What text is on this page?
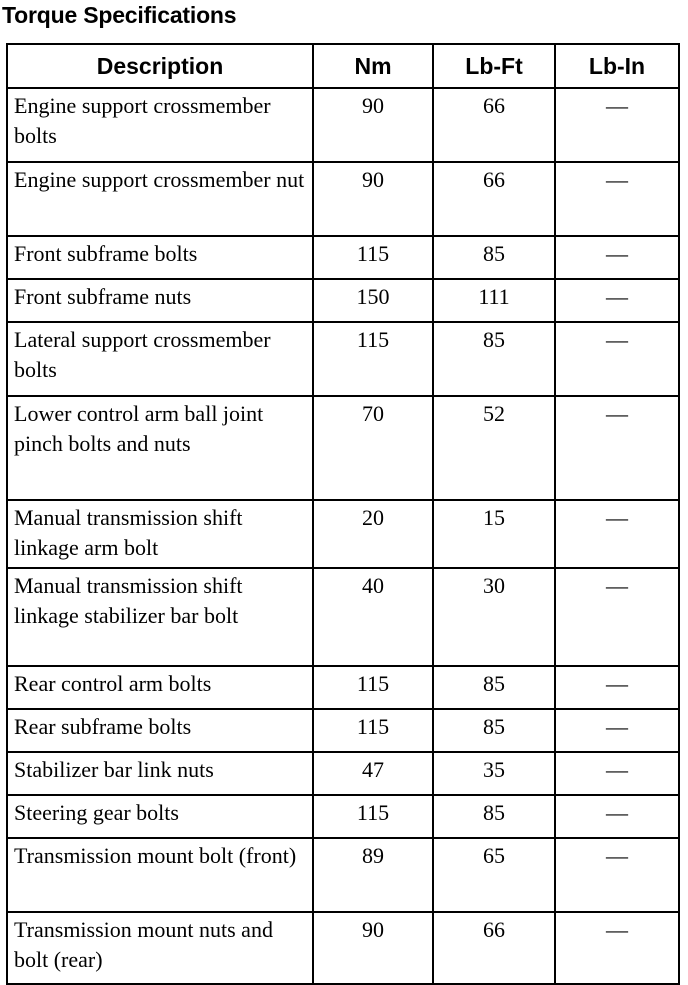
Torque Specifications
Description	Nm	Lb-Ft	Lb-In
Engine support crossmember bolts	90	66	—
Engine support crossmember nut	90	66	—
Front subframe bolts	115	85	—
Front subframe nuts	150	111	—
Lateral support crossmember bolts	115	85	—
Lower control arm ball joint pinch bolts and nuts	70	52	—
Manual transmission shift linkage arm bolt	20	15	—
Manual transmission shift linkage stabilizer bar bolt	40	30	—
Rear control arm bolts	115	85	—
Rear subframe bolts	115	85	—
Stabilizer bar link nuts	47	35	—
Steering gear bolts	115	85	—
Transmission mount bolt (front)	89	65	—
Transmission mount nuts and bolt (rear)	90	66	—
